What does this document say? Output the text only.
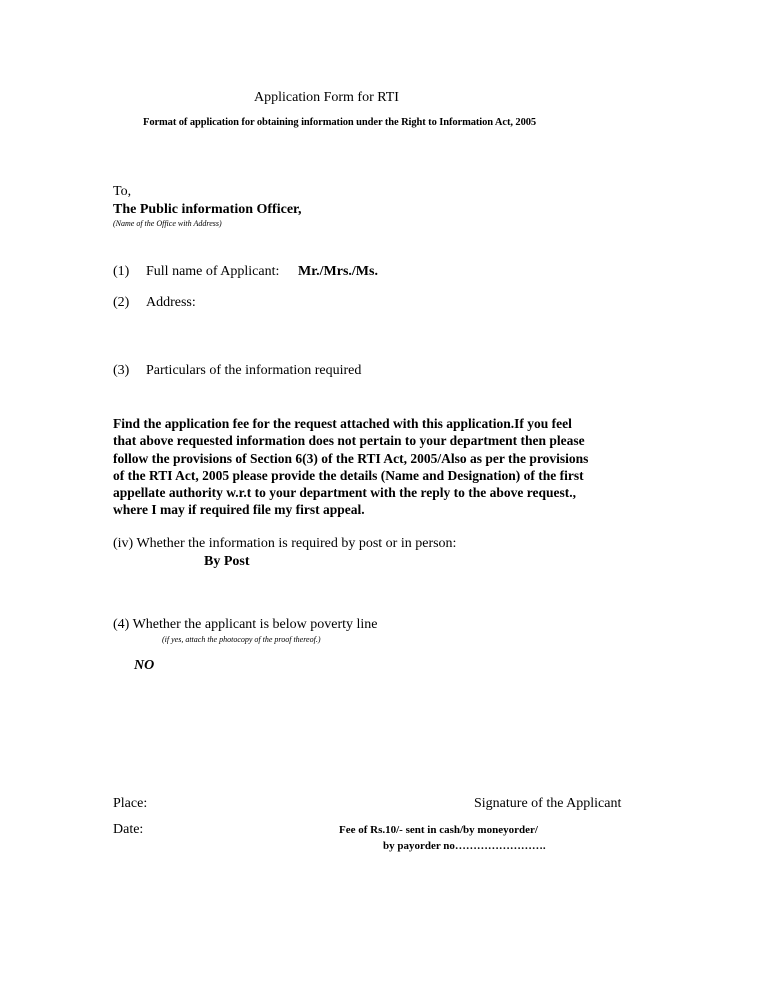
Application Form for RTI
Format of application for obtaining information under the Right to Information Act, 2005
To,
The Public information Officer,
(Name of the Office with Address)
(1) Full name of Applicant: Mr./Mrs./Ms.
(2) Address:
(3) Particulars of the information required
Find the application fee for the request attached with this application.If you feel
that above requested information does not pertain to your department then please
follow the provisions of Section 6(3) of the RTI Act, 2005/Also as per the provisions
of the RTI Act, 2005 please provide the details (Name and Designation) of the first
appellate authority w.r.t to your department with the reply to the above request.,
where I may if required file my first appeal.
(iv) Whether the information is required by post or in person:
By Post
(4) Whether the applicant is below poverty line
(if yes, attach the photocopy of the proof thereof.)
NO
Place:	Signature of the Applicant
Date:	Fee of Rs.10/- sent in cash/by moneyorder/
by payorder no…………………….
